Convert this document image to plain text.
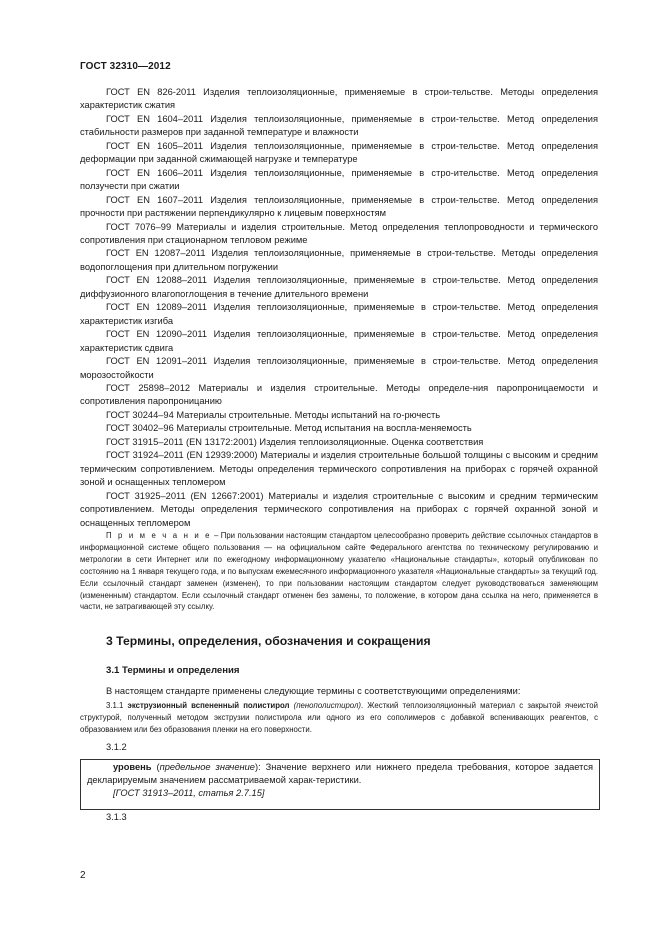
ГОСТ 32310—2012

ГОСТ EN 826-2011 Изделия теплоизоляционные, применяемые в строи-тельстве. Методы определения характеристик сжатия

ГОСТ EN 1604–2011 Изделия теплоизоляционные, применяемые в строи-тельстве. Метод определения стабильности размеров при заданной температуре и влажности

ГОСТ EN 1605–2011 Изделия теплоизоляционные, применяемые в строи-тельстве. Метод определения деформации при заданной сжимающей нагрузке и температуре

ГОСТ EN 1606–2011 Изделия теплоизоляционные, применяемые в стро-ительстве. Метод определения ползучести при сжатии

ГОСТ EN 1607–2011 Изделия теплоизоляционные, применяемые в строи-тельстве. Метод определения прочности при растяжении перпендикулярно к лицевым поверхностям

ГОСТ 7076–99 Материалы и изделия строительные. Метод определения теплопроводности и термического сопротивления при стационарном тепловом режиме

ГОСТ EN 12087–2011 Изделия теплоизоляционные, применяемые в строи-тельстве. Методы определения водопоглощения при длительном погружении

ГОСТ EN 12088–2011 Изделия теплоизоляционные, применяемые в строи-тельстве. Метод определения диффузионного влагопоглощения в течение длительного времени

ГОСТ EN 12089–2011 Изделия теплоизоляционные, применяемые в строи-тельстве. Метод определения характеристик изгиба

ГОСТ EN 12090–2011 Изделия теплоизоляционные, применяемые в строи-тельстве. Метод определения характеристик сдвига

ГОСТ EN 12091–2011 Изделия теплоизоляционные, применяемые в строи-тельстве. Метод определения морозостойкости

ГОСТ 25898–2012 Материалы и изделия строительные. Методы определе-ния паропроницаемости и сопротивления паропроницанию

ГОСТ 30244–94 Материалы строительные. Методы испытаний на го-рючесть

ГОСТ 30402–96 Материалы строительные. Метод испытания на воспла-меняемость

ГОСТ 31915–2011 (EN 13172:2001) Изделия теплоизоляционные. Оценка соответствия

ГОСТ 31924–2011 (EN 12939:2000) Материалы и изделия строительные большой толщины с высоким и средним термическим сопротивлением. Методы определения термического сопротивления на приборах с горячей охранной зоной и оснащенных тепломером

ГОСТ 31925–2011 (EN 12667:2001) Материалы и изделия строительные с высоким и средним термическим сопротивлением. Методы определения термического сопротивления на приборах с горячей охранной зоной и оснащенных тепломером

П р и м е ч а н и е – При пользовании настоящим стандартом целесообразно проверить действие ссылочных стандартов в информационной системе общего пользования — на официальном сайте Федерального агентства по техническому регулированию и метрологии в сети Интернет или по ежегодному информационному указателю «Национальные стандарты», который опубликован по состоянию на 1 января текущего года, и по выпускам ежемесячного информационного указателя «Национальные стандарты» за текущий год. Если ссылочный стандарт заменен (изменен), то при пользовании настоящим стандартом следует руководствоваться заменяющим (измененным) стандартом. Если ссылочный стандарт отменен без замены, то положение, в котором дана ссылка на него, применяется в части, не затрагивающей эту ссылку.

3 Термины, определения, обозначения и сокращения
3.1 Термины и определения
В настоящем стандарте применены следующие термины с соответствующими определениями:

3.1.1 экструзионный вспененный полистирол (пенополистирол). Жесткий теплоизоляционный материал с закрытой ячеистой структурой, полученный методом экструзии полистирола или одного из его сополимеров с добавкой вспенивающих реагентов, с образованием или без образования пленки на его поверхности.

3.1.2

уровень (предельное значение): Значение верхнего или нижнего предела требования, которое задается декларируемым значением рассматриваемой харак-теристики.

[ГОСТ 31913–2011, статья 2.7.15]

3.1.3
2
